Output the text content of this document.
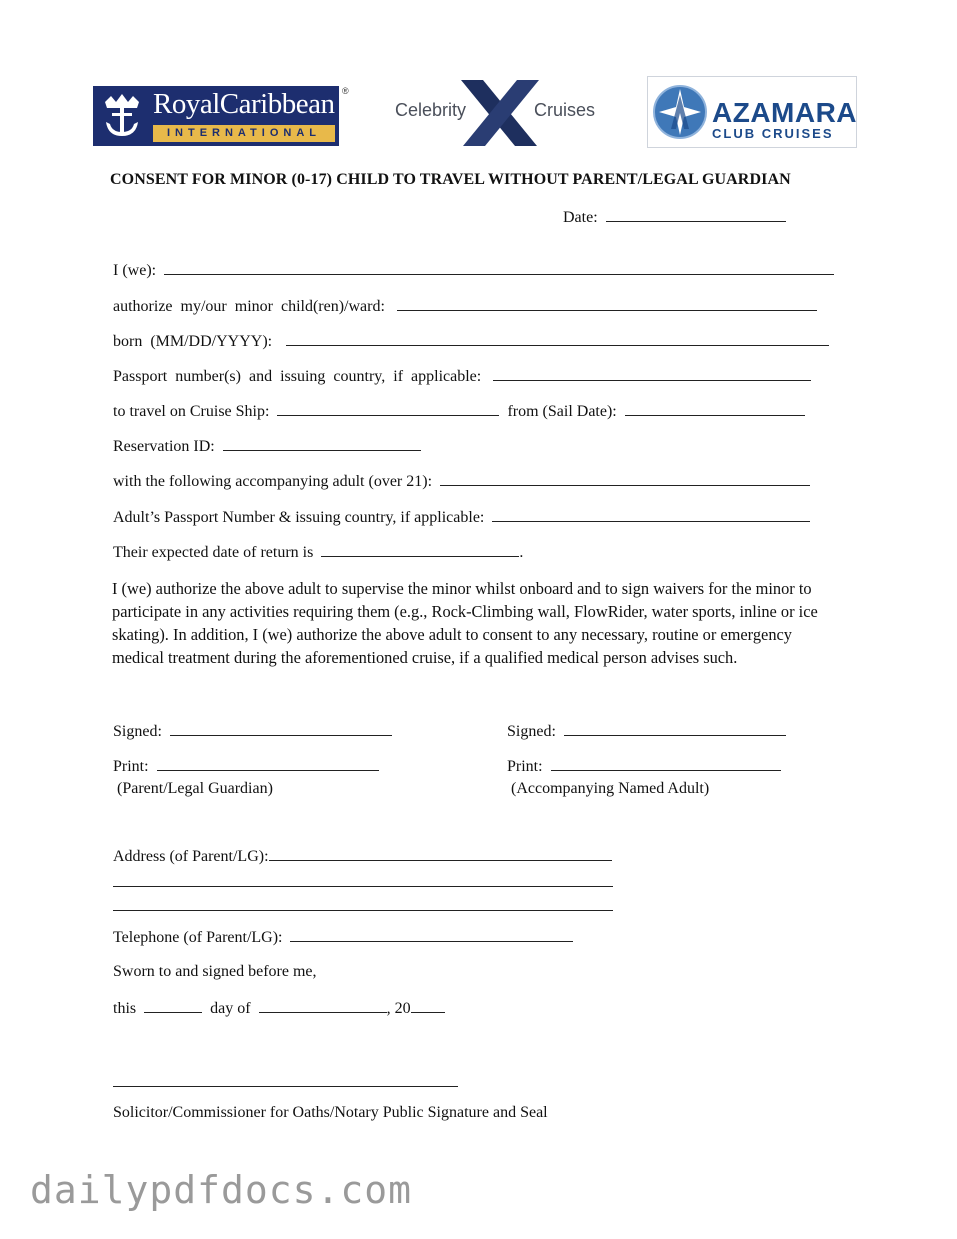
RoyalCaribbean
INTERNATIONAL
®
Celebrity	Cruises	AZAMARA
CLUB CRUISES
CONSENT FOR MINOR (0-17) CHILD TO TRAVEL WITHOUT PARENT/LEGAL GUARDIAN
Date:
I (we):
authorize  my/our  minor  child(ren)/ward:
born  (MM/DD/YYYY):
Passport  number(s)  and  issuing  country,  if  applicable:
to travel on Cruise Ship:	from (Sail Date):
Reservation ID:
with the following accompanying adult (over 21):
Adult’s Passport Number & issuing country, if applicable:
Their expected date of return is	.
I (we) authorize the above adult to supervise the minor whilst onboard and to sign waivers for the minor to participate in any activities requiring them (e.g., Rock-Climbing wall, FlowRider, water sports, inline or ice skating). In addition, I (we) authorize the above adult to consent to any necessary, routine or emergency medical treatment during the aforementioned cruise, if a qualified medical person advises such.
Signed:	Signed:
Print:	Print:
(Parent/Legal Guardian)	(Accompanying Named Adult)
Address (of Parent/LG):
Telephone (of Parent/LG):
Sworn to and signed before me,
this	day of	, 20
Solicitor/Commissioner for Oaths/Notary Public Signature and Seal
dailypdfdocs.com
